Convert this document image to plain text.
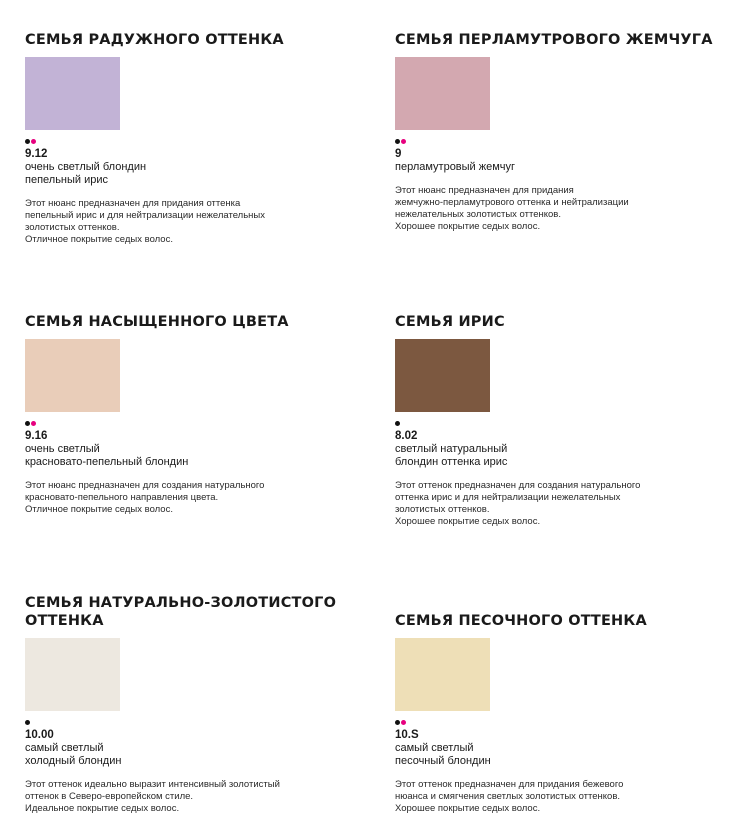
СЕМЬЯ РАДУЖНОГО ОТТЕНКА
9.12
очень светлый блондин
пепельный ирис
Этот нюанс предназначен для придания оттенка
пепельный ирис и для нейтрализации нежелательных
золотистых оттенков.
Отличное покрытие седых волос.
СЕМЬЯ ПЕРЛАМУТРОВОГО ЖЕМЧУГА
9
перламутровый жемчуг
Этот нюанс предназначен для придания
жемчужно-перламутрового оттенка и нейтрализации
нежелательных золотистых оттенков.
Хорошее покрытие седых волос.
СЕМЬЯ НАСЫЩЕННОГО ЦВЕТА
9.16
очень светлый
красновато-пепельный блондин
Этот нюанс предназначен для создания натурального
красновато-пепельного направления цвета.
Отличное покрытие седых волос.
СЕМЬЯ ИРИС
8.02
светлый натуральный
блондин оттенка ирис
Этот оттенок предназначен для создания натурального
оттенка ирис и для нейтрализации нежелательных
золотистых оттенков.
Хорошее покрытие седых волос.
СЕМЬЯ НАТУРАЛЬНО-ЗОЛОТИСТОГО
ОТТЕНКА
10.00
самый светлый
холодный блондин
Этот оттенок идеально выразит интенсивный золотистый
оттенок в Северо-европейском стиле.
Идеальное покрытие седых волос.
СЕМЬЯ ПЕСОЧНОГО ОТТЕНКА
10.S
самый светлый
песочный блондин
Этот оттенок предназначен для придания бежевого
нюанса и смягчения светлых золотистых оттенков.
Хорошее покрытие седых волос.
